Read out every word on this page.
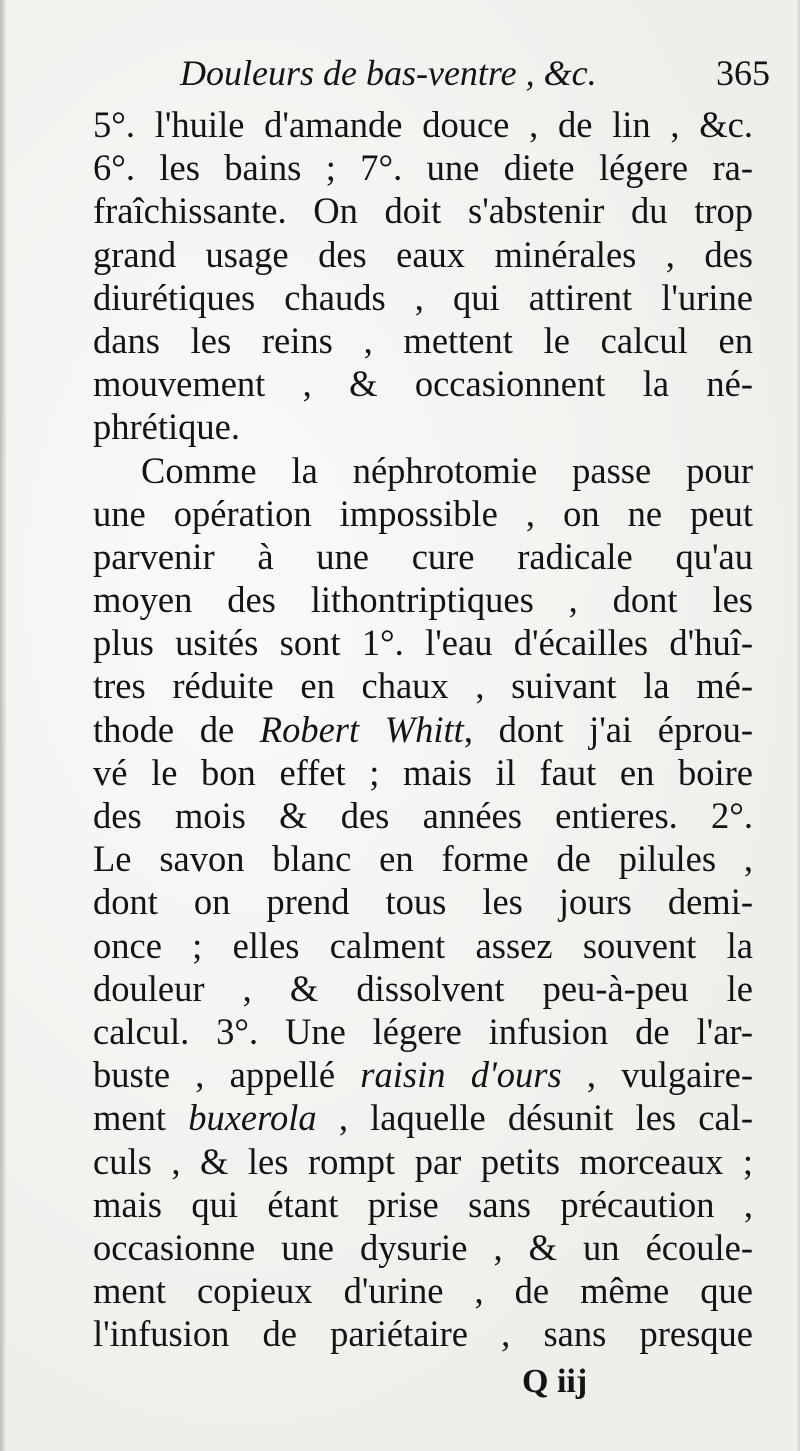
Douleurs de bas-ventre , &c.	365
5°. l'huile d'amande douce , de lin , &c.
6°. les bains ; 7°. une diete légere ra-
fraîchissante. On doit s'abstenir du trop
grand usage des eaux minérales , des
diurétiques chauds , qui attirent l'urine
dans les reins , mettent le calcul en
mouvement , & occasionnent la né-
phrétique.
Comme la néphrotomie passe pour
une opération impossible , on ne peut
parvenir à une cure radicale qu'au
moyen des lithontriptiques , dont les
plus usités sont 1°. l'eau d'écailles d'huî-
tres réduite en chaux , suivant la mé-
thode de Robert Whitt, dont j'ai éprou-
vé le bon effet ; mais il faut en boire
des mois & des années entieres. 2°.
Le savon blanc en forme de pilules ,
dont on prend tous les jours demi-
once ; elles calment assez souvent la
douleur , & dissolvent peu-à-peu le
calcul. 3°. Une légere infusion de l'ar-
buste , appellé raisin d'ours , vulgaire-
ment buxerola , laquelle désunit les cal-
culs , & les rompt par petits morceaux ;
mais qui étant prise sans précaution ,
occasionne une dysurie , & un écoule-
ment copieux d'urine , de même que
l'infusion de pariétaire , sans presque
Q iij
